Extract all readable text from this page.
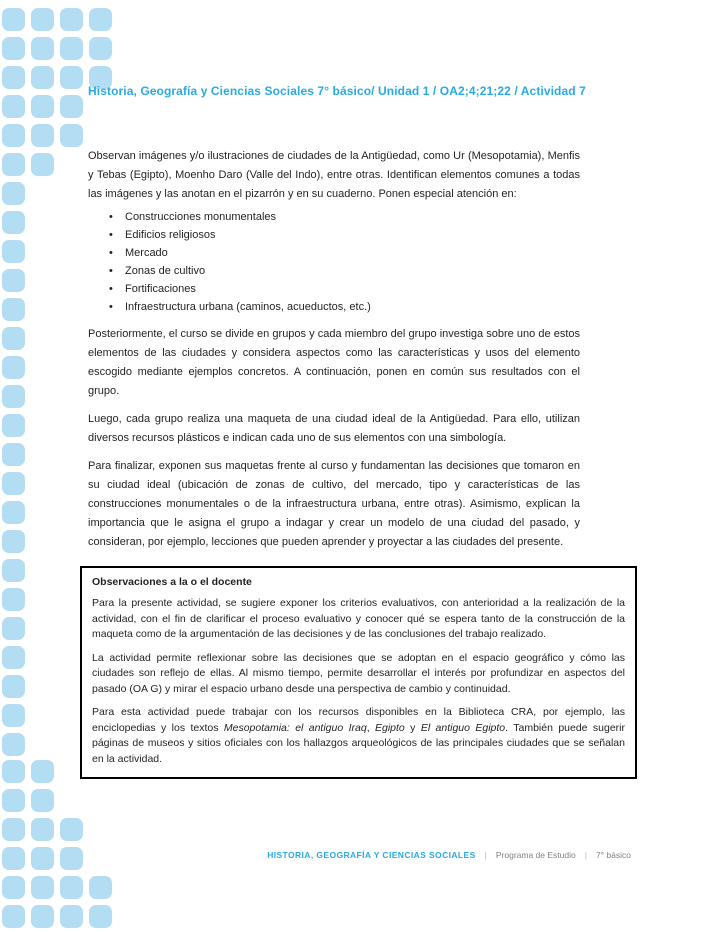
Historia, Geografía y Ciencias Sociales 7° básico/ Unidad 1 / OA2;4;21;22 / Actividad 7

Observan imágenes y/o ilustraciones de ciudades de la Antigüedad, como Ur (Mesopotamia), Menfis y Tebas (Egipto), Moenho Daro (Valle del Indo), entre otras. Identifican elementos comunes a todas las imágenes y las anotan en el pizarrón y en su cuaderno. Ponen especial atención en:

• Construcciones monumentales
• Edificios religiosos
• Mercado
• Zonas de cultivo
• Fortificaciones
• Infraestructura urbana (caminos, acueductos, etc.)

Posteriormente, el curso se divide en grupos y cada miembro del grupo investiga sobre uno de estos elementos de las ciudades y considera aspectos como las características y usos del elemento escogido mediante ejemplos concretos. A continuación, ponen en común sus resultados con el grupo.

Luego, cada grupo realiza una maqueta de una ciudad ideal de la Antigüedad. Para ello, utilizan diversos recursos plásticos e indican cada uno de sus elementos con una simbología.

Para finalizar, exponen sus maquetas frente al curso y fundamentan las decisiones que tomaron en su ciudad ideal (ubicación de zonas de cultivo, del mercado, tipo y características de las construcciones monumentales o de la infraestructura urbana, entre otras). Asimismo, explican la importancia que le asigna el grupo a indagar y crear un modelo de una ciudad del pasado, y consideran, por ejemplo, lecciones que pueden aprender y proyectar a las ciudades del presente.

Observaciones a la o el docente

Para la presente actividad, se sugiere exponer los criterios evaluativos, con anterioridad a la realización de la actividad, con el fin de clarificar el proceso evaluativo y conocer qué se espera tanto de la construcción de la maqueta como de la argumentación de las decisiones y de las conclusiones del trabajo realizado.

La actividad permite reflexionar sobre las decisiones que se adoptan en el espacio geográfico y cómo las ciudades son reflejo de ellas. Al mismo tiempo, permite desarrollar el interés por profundizar en aspectos del pasado (OA G) y mirar el espacio urbano desde una perspectiva de cambio y continuidad.

Para esta actividad puede trabajar con los recursos disponibles en la Biblioteca CRA, por ejemplo, las enciclopedias y los textos Mesopotamia: el antiguo Iraq, Egipto y El antiguo Egipto. También puede sugerir páginas de museos y sitios oficiales con los hallazgos arqueológicos de las principales ciudades que se señalan en la actividad.

HISTORIA, GEOGRAFÍA Y CIENCIAS SOCIALES | Programa de Estudio | 7° básico
